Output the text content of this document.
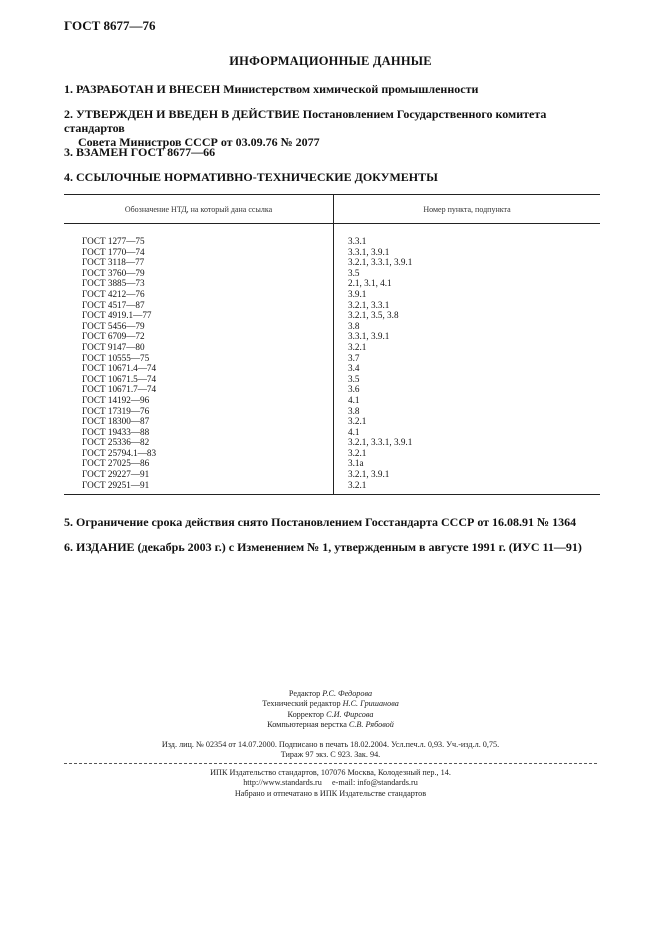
ГОСТ 8677—76
ИНФОРМАЦИОННЫЕ ДАННЫЕ
1. РАЗРАБОТАН И ВНЕСЕН Министерством химической промышленности
2. УТВЕРЖДЕН И ВВЕДЕН В ДЕЙСТВИЕ Постановлением Государственного комитета стандартов
Совета Министров СССР от 03.09.76 № 2077
3. ВЗАМЕН ГОСТ 8677—66
4. ССЫЛОЧНЫЕ НОРМАТИВНО-ТЕХНИЧЕСКИЕ ДОКУМЕНТЫ
Обозначение НТД, на который дана ссылка	Номер пункта, подпункта
ГОСТ 1277—75	3.3.1
ГОСТ 1770—74	3.3.1, 3.9.1
ГОСТ 3118—77	3.2.1, 3.3.1, 3.9.1
ГОСТ 3760—79	3.5
ГОСТ 3885—73	2.1, 3.1, 4.1
ГОСТ 4212—76	3.9.1
ГОСТ 4517—87	3.2.1, 3.3.1
ГОСТ 4919.1—77	3.2.1, 3.5, 3.8
ГОСТ 5456—79	3.8
ГОСТ 6709—72	3.3.1, 3.9.1
ГОСТ 9147—80	3.2.1
ГОСТ 10555—75	3.7
ГОСТ 10671.4—74	3.4
ГОСТ 10671.5—74	3.5
ГОСТ 10671.7—74	3.6
ГОСТ 14192—96	4.1
ГОСТ 17319—76	3.8
ГОСТ 18300—87	3.2.1
ГОСТ 19433—88	4.1
ГОСТ 25336—82	3.2.1, 3.3.1, 3.9.1
ГОСТ 25794.1—83	3.2.1
ГОСТ 27025—86	3.1а
ГОСТ 29227—91	3.2.1, 3.9.1
ГОСТ 29251—91	3.2.1
5. Ограничение срока действия снято Постановлением Госстандарта СССР от 16.08.91 № 1364
6. ИЗДАНИЕ (декабрь 2003 г.) с Изменением № 1, утвержденным в августе 1991 г. (ИУС 11—91)
Редактор Р.С. Федорова
Технический редактор Н.С. Гришанова
Корректор С.И. Фирсова
Компьютерная верстка С.В. Рябовой
Изд. лиц. № 02354 от 14.07.2000. Подписано в печать 18.02.2004. Усл.печ.л. 0,93. Уч.-изд.л. 0,75.
Тираж 97 экз. С 923. Зак. 94.
ИПК Издательство стандартов, 107076 Москва, Колодезный пер., 14.
http://www.standards.ru     e-mail: info@standards.ru
Набрано и отпечатано в ИПК Издательстве стандартов
